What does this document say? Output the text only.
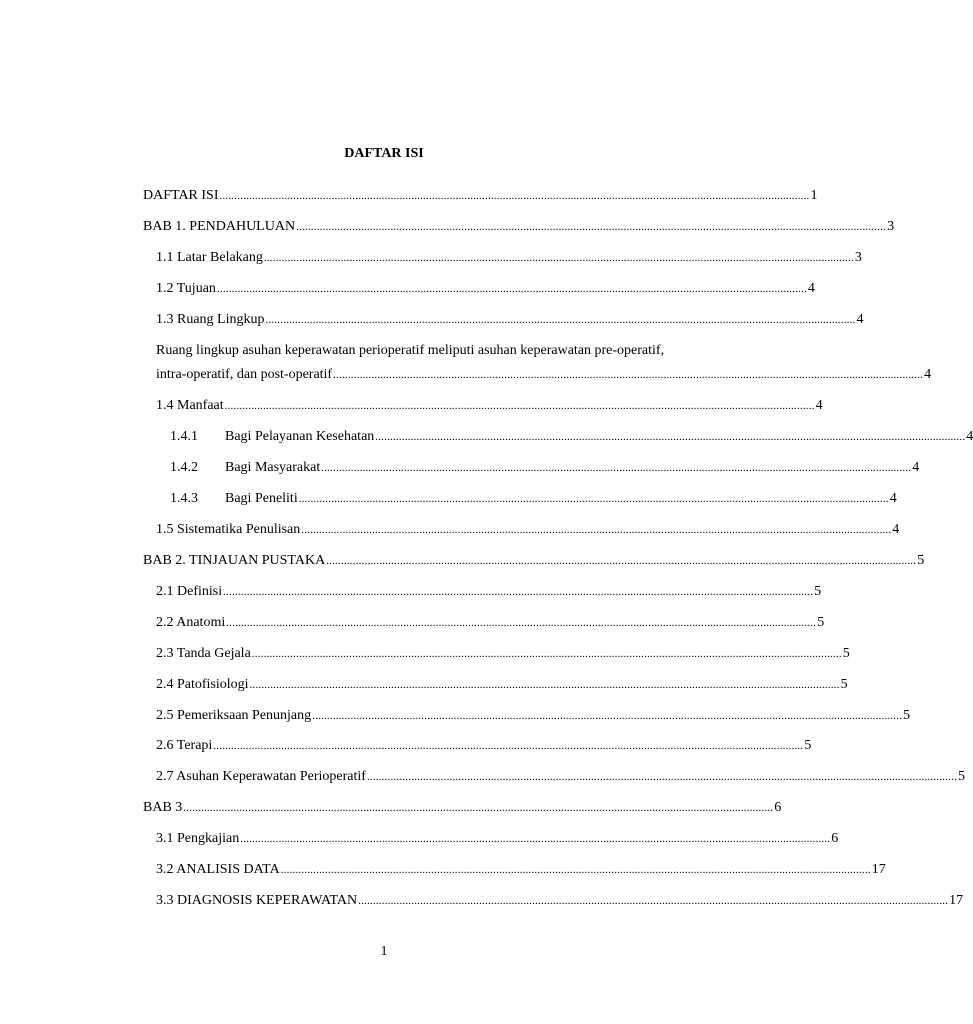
DAFTAR ISI
DAFTAR ISI ........................................................................................................................................................................................................ 1
BAB 1. PENDAHULUAN ........................................................................................................................................................................................................ 3
1.1 Latar Belakang ........................................................................................................................................................................................................ 3
1.2 Tujuan ........................................................................................................................................................................................................ 4
1.3 Ruang Lingkup ........................................................................................................................................................................................................ 4
Ruang lingkup asuhan keperawatan perioperatif meliputi asuhan keperawatan pre-operatif,
intra-operatif, dan post-operatif ........................................................................................................................................................................................................ 4
1.4 Manfaat ........................................................................................................................................................................................................ 4
1.4.1	Bagi Pelayanan Kesehatan ........................................................................................................................................................................................................ 4
1.4.2	Bagi Masyarakat ........................................................................................................................................................................................................ 4
1.4.3	Bagi Peneliti ........................................................................................................................................................................................................ 4
1.5 Sistematika Penulisan ........................................................................................................................................................................................................ 4
BAB 2. TINJAUAN PUSTAKA ........................................................................................................................................................................................................ 5
2.1 Definisi ........................................................................................................................................................................................................ 5
2.2 Anatomi ........................................................................................................................................................................................................ 5
2.3 Tanda Gejala ........................................................................................................................................................................................................ 5
2.4 Patofisiologi ........................................................................................................................................................................................................ 5
2.5 Pemeriksaan Penunjang ........................................................................................................................................................................................................ 5
2.6 Terapi ........................................................................................................................................................................................................ 5
2.7 Asuhan Keperawatan Perioperatif ........................................................................................................................................................................................................ 5
BAB 3 ........................................................................................................................................................................................................ 6
3.1 Pengkajian ........................................................................................................................................................................................................ 6
3.2 ANALISIS DATA ........................................................................................................................................................................................................ 17
3.3 DIAGNOSIS KEPERAWATAN ........................................................................................................................................................................................................ 17
1
